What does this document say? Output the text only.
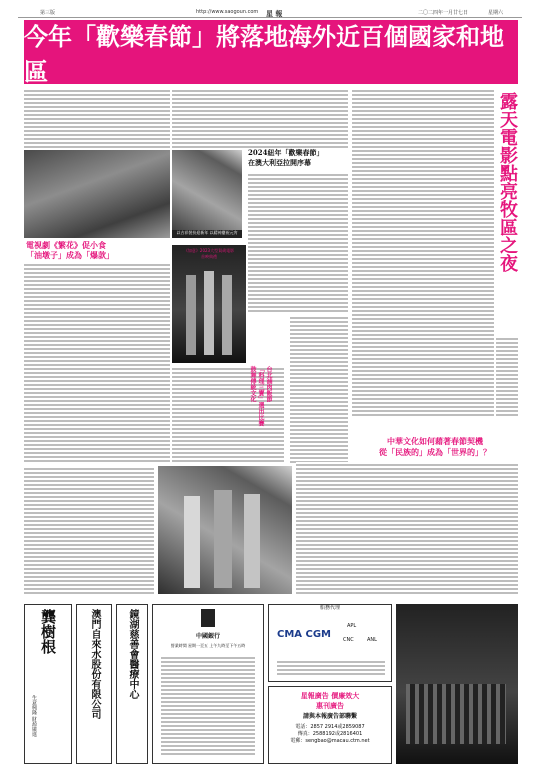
第三版	http://www.saogoun.com 星 報	二〇二四年一月廿七日	星期六
今年「歡樂春節」將落地海外近百個國家和地區
以吉祥裝扮迎新年 以精神慶祝元宵
2024紐年「歡樂春節」
在澳大利亞拉開序幕
電視劇《繁花》促小食
「油墩子」成為「爆款」	《如意》2023大型賀歲電影
首映典禮
台北滷肉飯節
「料理三寶」選出比賽
鼓舞傳統文化
露天電影點亮牧區之夜
中華文化如何藉著春節契機
從「民族的」成為「世界的」？
龔樹根
生意興隆 財源廣進	澳門自來水股份有限公司	鏡湖慈善會醫療中心	中國銀行
營業時間 星期一至五 上午九時至下午五時
船務代理
CMA CGM
APL
CNC	ANL
星報廣告 價廉效大
惠刊廣告
請與本報廣告部聯繫
電話：2857 2914或2859087
傳真：2588192或2816401
電郵：sengbao@macau.ctm.net
